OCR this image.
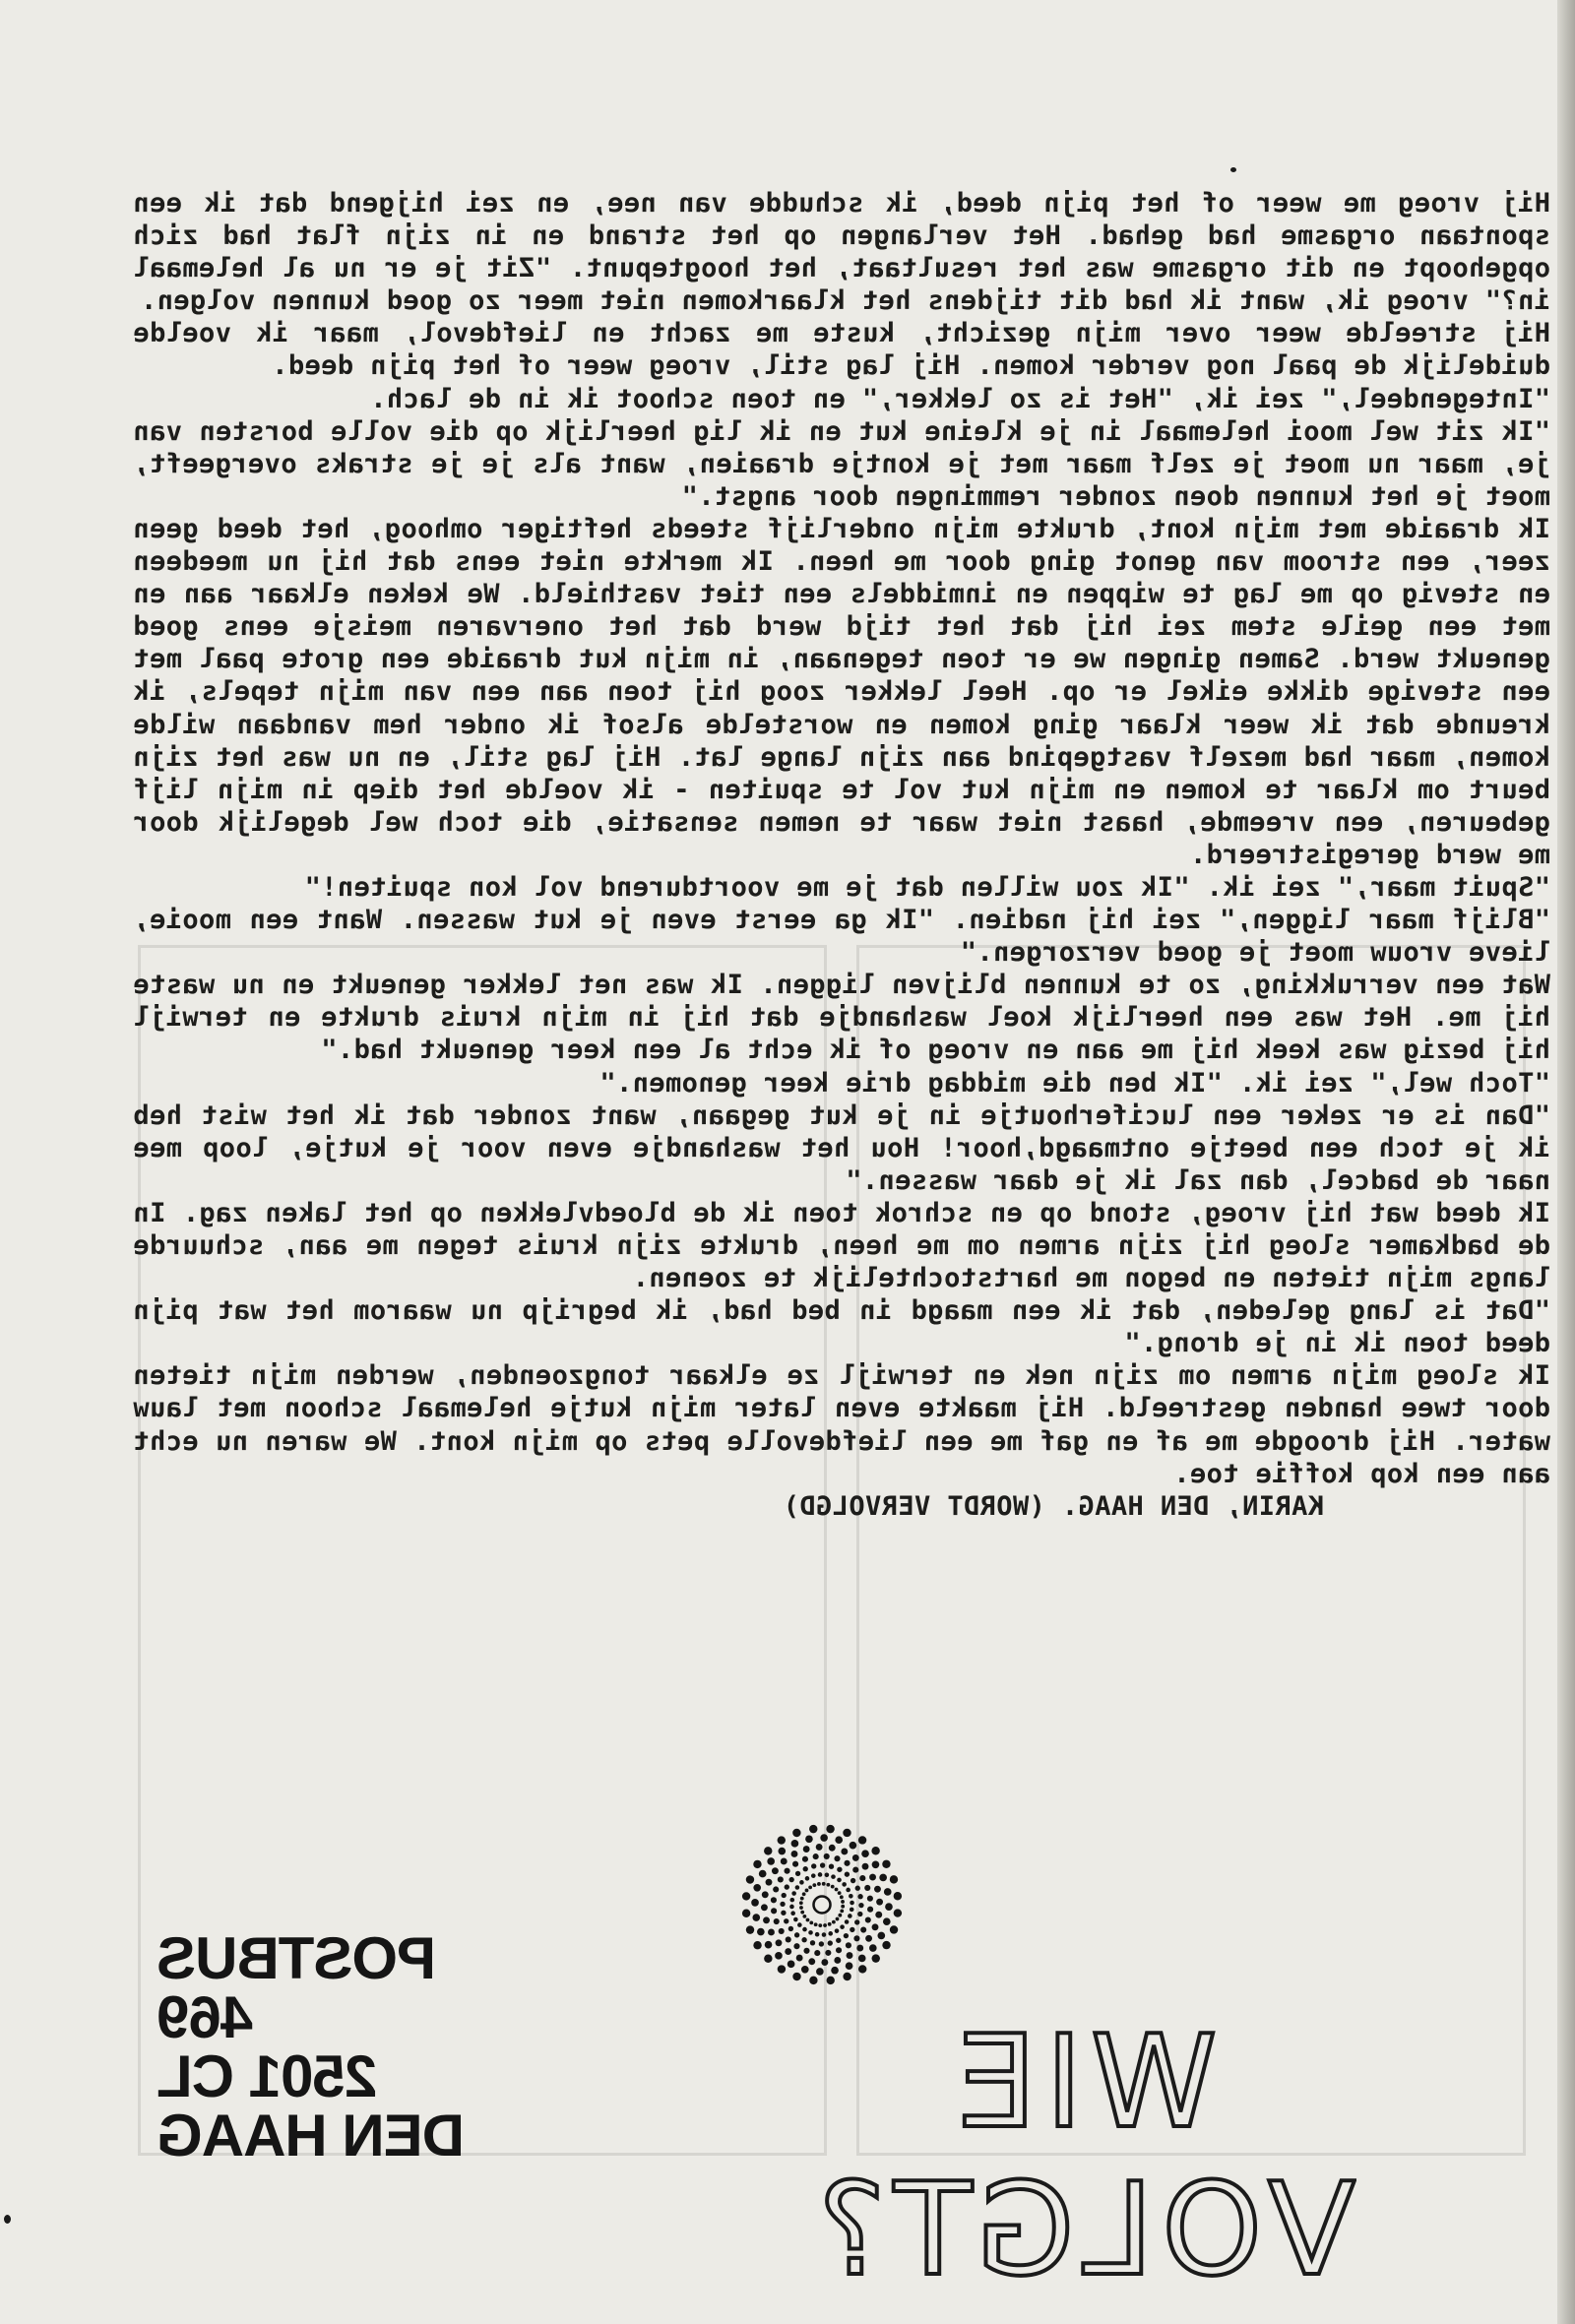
Hij vroeg me weer of het pijn deed, ik schudde van nee, en zei hijgend dat ik een spontaan orgasme had gehad. Het verlangen op het strand en in zijn flat had zich opgehoopt en dit orgasme was het resultaat, het hoogtepunt. "Zit je er nu al helemaal in?" vroeg ik, want ik had dit tijdens het klaarkomen niet meer zo goed kunnen volgen.

Hij streelde weer over mijn gezicht, kuste me zacht en liefdevol, maar ik voelde duidelijk de paal nog verder komen. Hij lag stil, vroeg weer of het pijn deed.

"Integendeel," zei ik, "Het is zo lekker," en toen schoot ik in de lach.

"Ik zit wel mooi helemaal in je kleine kut en ik lig heerlijk op die volle borsten van je, maar nu moet je zelf maar met je kontje draaien, want als je je straks overgeeft, moet je het kunnen doen zonder remmingen door angst."

Ik draaide met mijn kont, drukte mijn onderlijf steeds heftiger omhoog, het deed geen zeer, een stroom van genot ging door me heen. Ik merkte niet eens dat hij nu meedeen en stevig op me lag te wippen en inmiddels een tiet vasthield. We keken elkaar aan en met een geile stem zei hij dat het tijd werd dat het onervaren meisje eens goed geneukt werd. Samen gingen we er toen tegenaan, in mijn kut draaide een grote paal met een stevige dikke eikel er op. Heel lekker zoog hij toen aan een van mijn tepels, ik kreunde dat ik weer klaar ging komen en worstelde alsof ik onder hem vandaan wilde komen, maar had mezelf vastgepind aan zijn lange lat. Hij lag stil, en nu was het zijn beurt om klaar te komen en mijn kut vol te spuiten - ik voelde het diep in mijn lijf gebeuren, een vreemde, haast niet waar te nemen sensatie, die toch wel degelijk door me werd geregistreerd.

"Spuit maar," zei ik. "Ik zou willen dat je me voortdurend vol kon spuiten!"

"Blijf maar liggen," zei hij nadien. "Ik ga eerst even je kut wassen. Want een mooie, lieve vrouw moet je goed verzorgen."

Wat een verrukking, zo te kunnen blijven liggen. Ik was net lekker geneukt en nu waste hij me. Het was een heerlijk koel washandje dat hij in mijn kruis drukte en terwijl hij bezig was keek hij me aan en vroeg of ik echt al een keer geneukt had."

"Toch wel," zei ik. "Ik ben die middag drie keer genomen."

"Dan is er zeker een luciferhoutje in je kut gegaan, want zonder dat ik het wist heb ik je toch een beetje ontmaagd,hoor! Hou het washandje even voor je kutje, loop mee naar de badcel, dan zal ik je daar wassen."

Ik deed wat hij vroeg, stond op en schrok toen ik de bloedvlekken op het laken zag. In de badkamer sloeg hij zijn armen om me heen, drukte zijn kruis tegen me aan, schuurde langs mijn tieten en begon me hartstochtelijk te zoenen.

"Dat is lang geleden, dat ik een maagd in bed had, ik begrijp nu waarom het wat pijn deed toen ik in je drong."

Ik sloeg mijn armen om zijn nek en terwijl ze elkaar tongzoenden, werden mijn tieten door twee handen gestreeld. Hij maakte even later mijn kutje helemaal schoon met lauw water. Hij droogde me af en gaf me een liefdevolle pets op mijn kont. We waren nu echt aan een kop koffie toe.

KARIN, DEN HAAG. (WORDT VERVOLGD)

POSTBUS 469
2501 CL
DEN HAAG	WIE VOLGT?
